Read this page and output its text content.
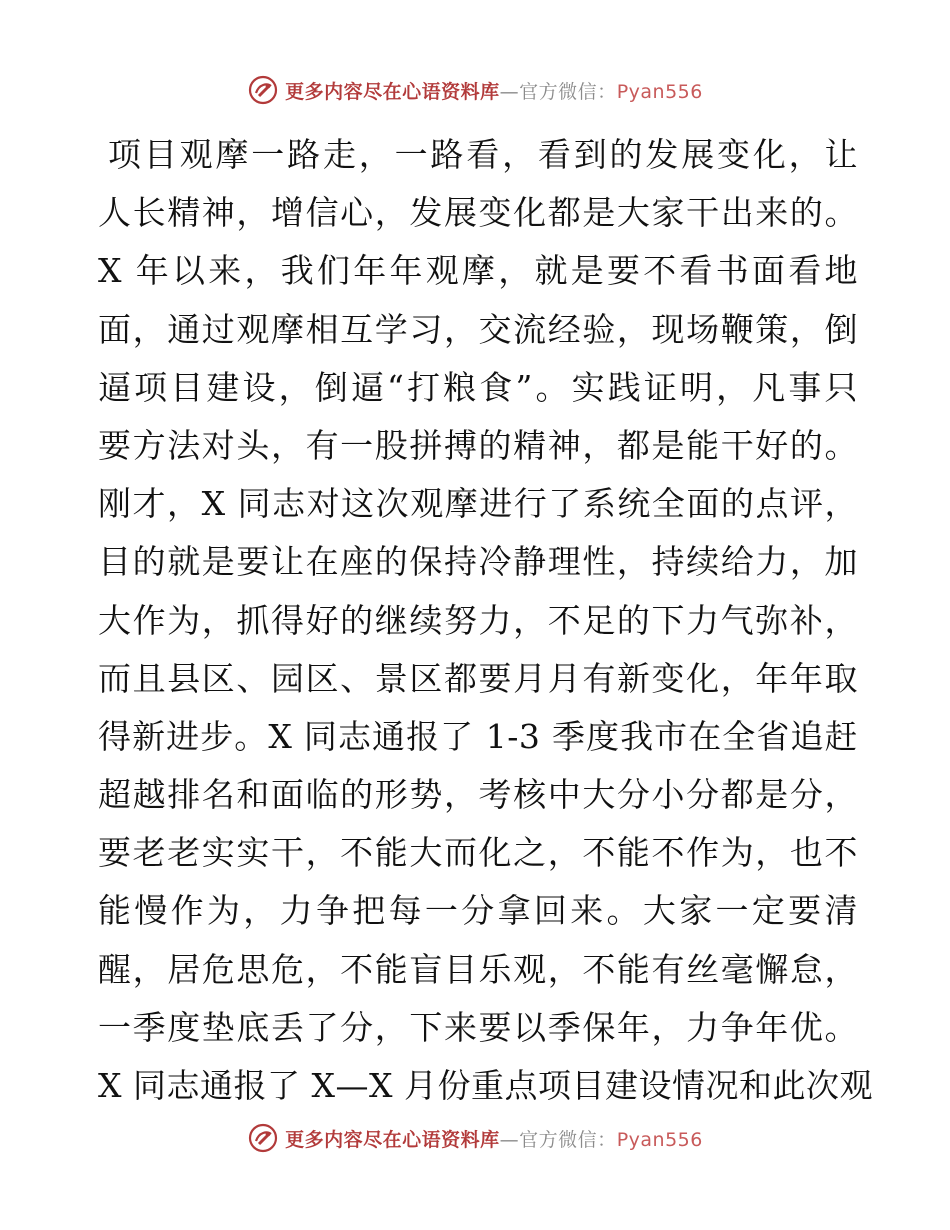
更多内容尽在心语资料库—官方微信：Pyan556
项目观摩一路走，一路看，看到的发展变化，让
人长精神，增信心，发展变化都是大家干出来的。
X 年以来，我们年年观摩，就是要不看书面看地
面，通过观摩相互学习，交流经验，现场鞭策，倒
逼项目建设，倒逼“打粮食”。实践证明，凡事只
要方法对头，有一股拼搏的精神，都是能干好的。
刚才，X 同志对这次观摩进行了系统全面的点评，
目的就是要让在座的保持冷静理性，持续给力，加
大作为，抓得好的继续努力，不足的下力气弥补，
而且县区、园区、景区都要月月有新变化，年年取
得新进步。X 同志通报了 1-3 季度我市在全省追赶
超越排名和面临的形势，考核中大分小分都是分，
要老老实实干，不能大而化之，不能不作为，也不
能慢作为，力争把每一分拿回来。大家一定要清
醒，居危思危，不能盲目乐观，不能有丝毫懈怠，
一季度垫底丢了分，下来要以季保年，力争年优。
X 同志通报了 X—X 月份重点项目建设情况和此次观
更多内容尽在心语资料库—官方微信：Pyan556
